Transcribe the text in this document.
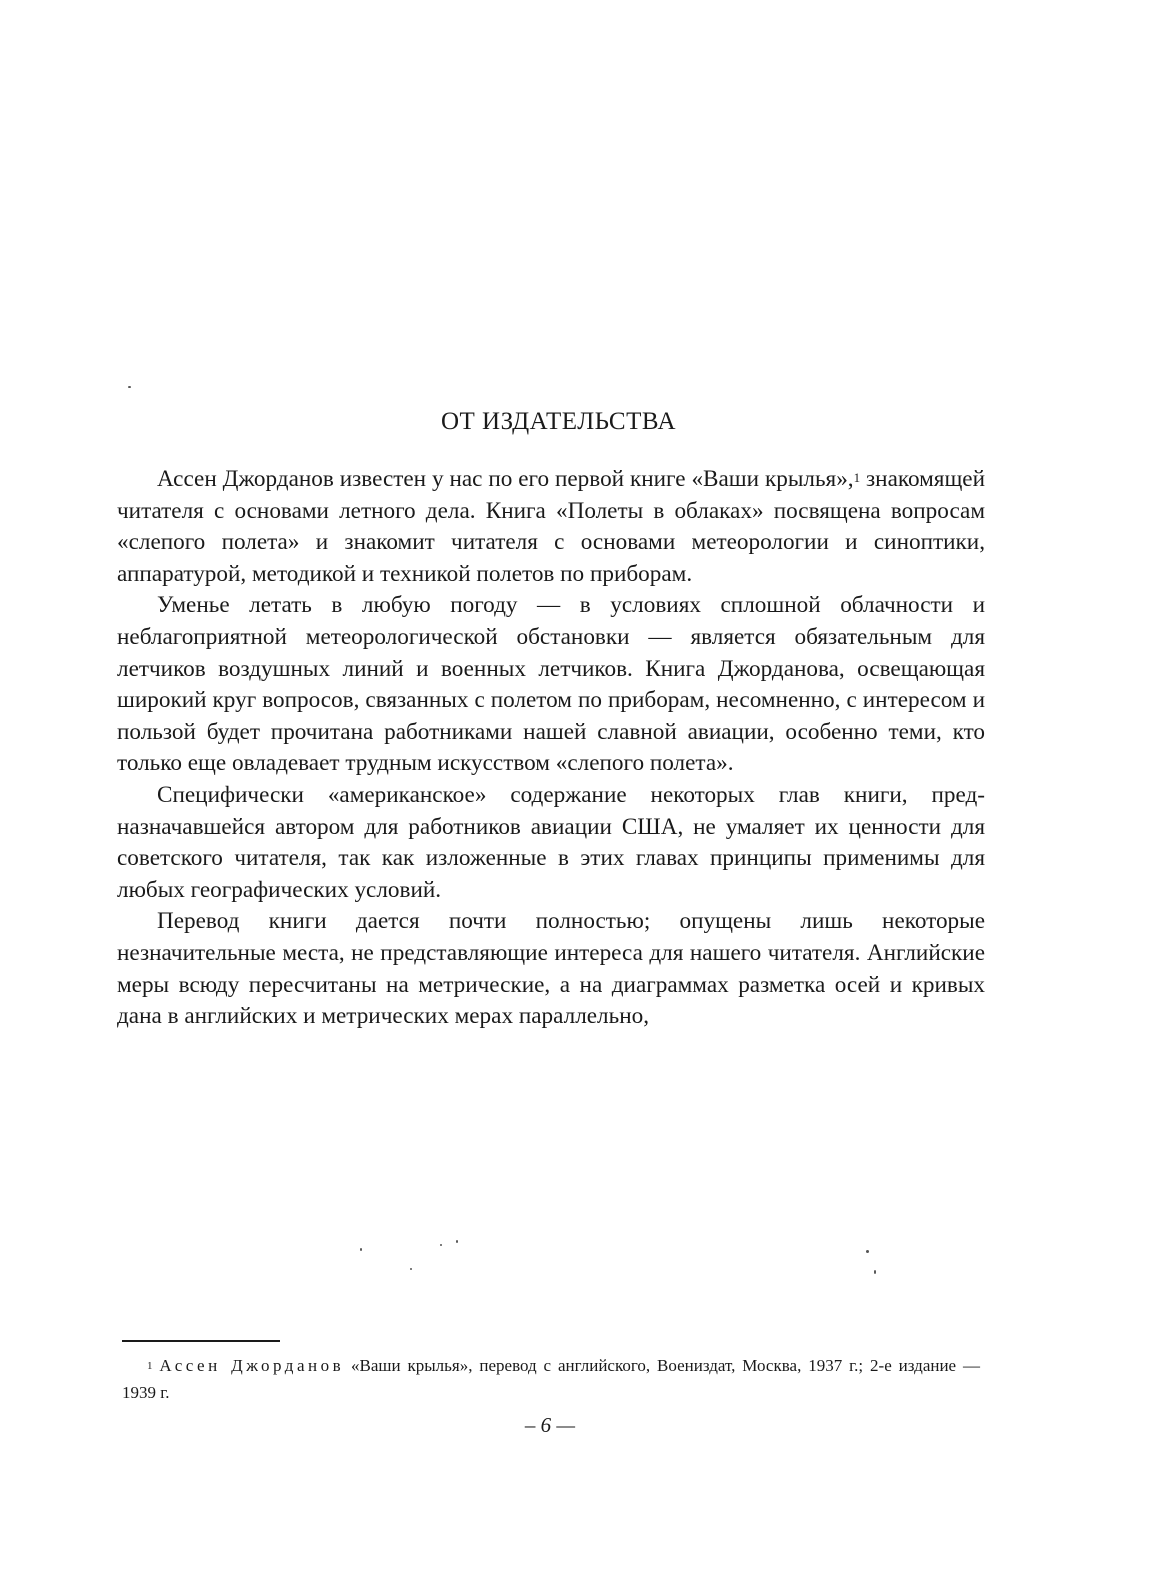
ОТ ИЗДАТЕЛЬСТВА

Ассен Джорданов известен у нас по его первой книге «Ваши крылья»,$^1$ знакомящей читателя с основами летного дела. Книга «Полеты в облаках» посвящена вопросам «слепого полета» и знакомит читателя с основами метеорологии и синоптики, аппаратурой, методикой и техникой полетов по приборам.

Уменье летать в любую погоду — в условиях сплошной облачности и неблагоприятной метеорологической обстановки — является обязательным для летчиков воздушных линий и военных летчиков. Книга Джорданова, освещающая широкий круг вопросов, связанных с полетом по приборам, несомненно, с интересом и пользой будет прочитана работниками нашей славной авиации, особенно теми, кто только еще овладевает трудным искусством «слепого полета».

Специфически «американское» содержание некоторых глав книги, предназначавшейся автором для работников авиации США, не умаляет их ценности для советского читателя, так как изложенные в этих главах принципы применимы для любых географических условий.

Перевод книги дается почти полностью; опущены лишь некоторые незначительные места, не представляющие интереса для нашего читателя. Английские меры всюду пересчитаны на метрические, а на диаграммах разметка осей и кривых дана в английских и метрических мерах параллельно,

$^1$ Ассен Джорданов «Ваши крылья», перевод с английского, Воениздат, Москва, 1937 г.; 2-е издание — 1939 г.

– 6 —
